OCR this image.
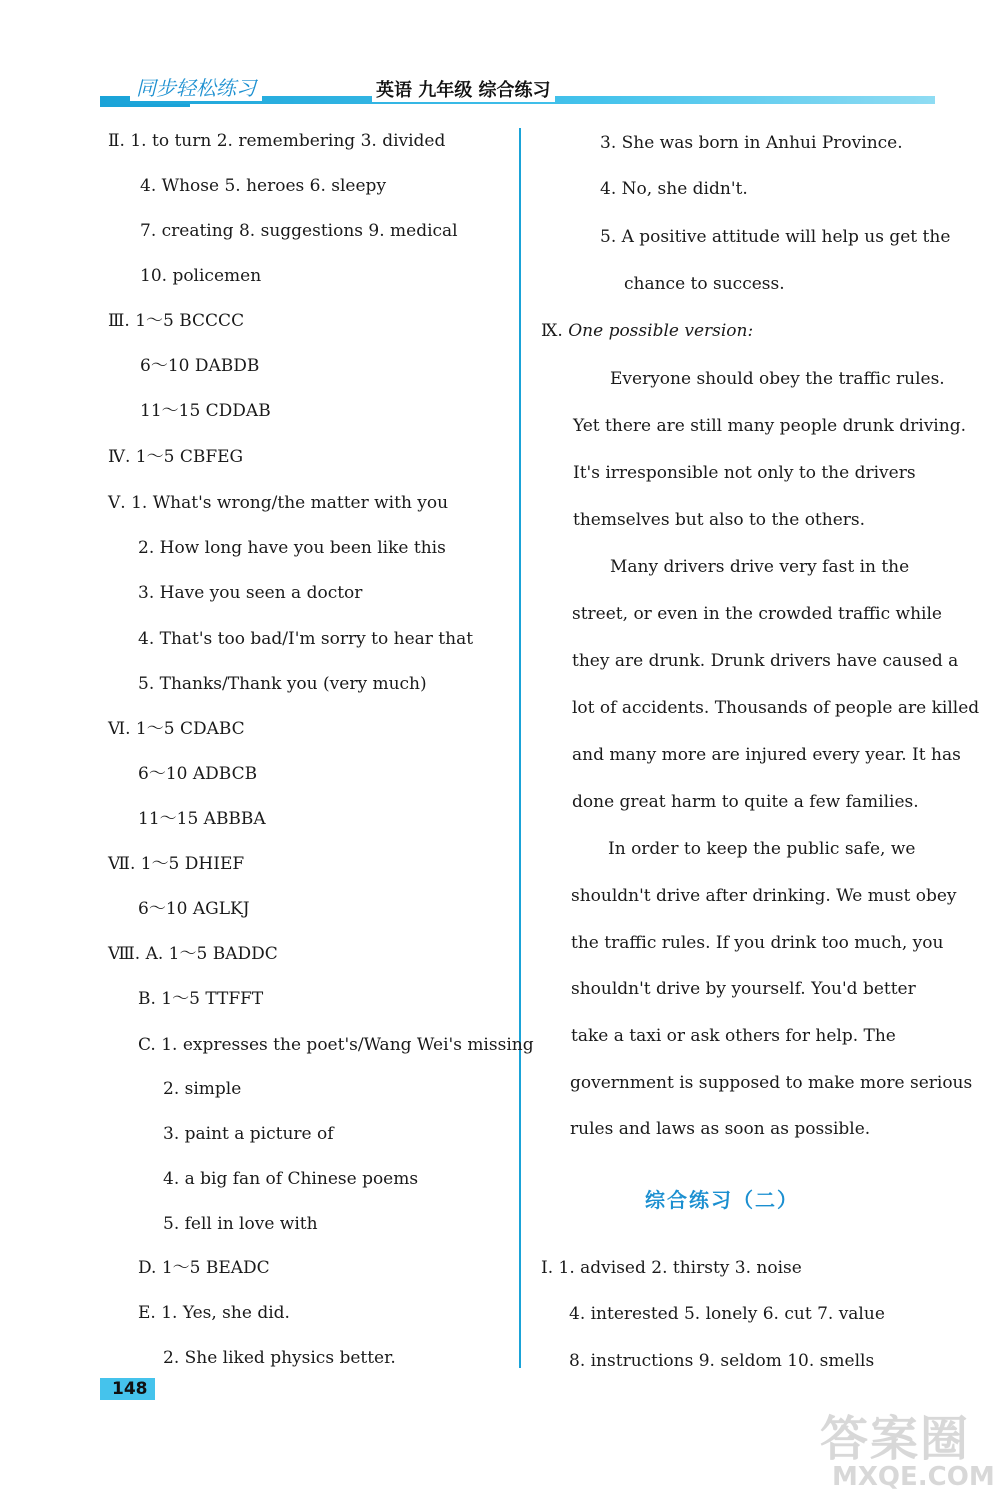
同步轻松练习	英语 九年级 综合练习
Ⅱ. 1. to turn 2. remembering 3. divided
4. Whose 5. heroes 6. sleepy
7. creating 8. suggestions 9. medical
10. policemen
Ⅲ. 1～5 BCCCC
6～10 DABDB
11～15 CDDAB
Ⅳ. 1～5 CBFEG
Ⅴ. 1. What's wrong/the matter with you
2. How long have you been like this
3. Have you seen a doctor
4. That's too bad/I'm sorry to hear that
5. Thanks/Thank you (very much)
Ⅵ. 1～5 CDABC
6～10 ADBCB
11～15 ABBBA
Ⅶ. 1～5 DHIEF
6～10 AGLKJ
Ⅷ. A. 1～5 BADDC
B. 1～5 TTFFT
C. 1. expresses the poet's/Wang Wei's missing
2. simple
3. paint a picture of
4. a big fan of Chinese poems
5. fell in love with
D. 1～5 BEADC
E. 1. Yes, she did.
2. She liked physics better.
3. She was born in Anhui Province.
4. No, she didn't.
5. A positive attitude will help us get the
chance to success.
Ⅸ. One possible version:
Everyone should obey the traffic rules.
Yet there are still many people drunk driving.
It's irresponsible not only to the drivers
themselves but also to the others.
Many drivers drive very fast in the
street, or even in the crowded traffic while
they are drunk. Drunk drivers have caused a
lot of accidents. Thousands of people are killed
and many more are injured every year. It has
done great harm to quite a few families.
In order to keep the public safe, we
shouldn't drive after drinking. We must obey
the traffic rules. If you drink too much, you
shouldn't drive by yourself. You'd better
take a taxi or ask others for help. The
government is supposed to make more serious
rules and laws as soon as possible.
Ⅰ. 1. advised 2. thirsty 3. noise
4. interested 5. lonely 6. cut 7. value
8. instructions 9. seldom 10. smells
综合练习（二）
148
答案圈
MXQE.COM
